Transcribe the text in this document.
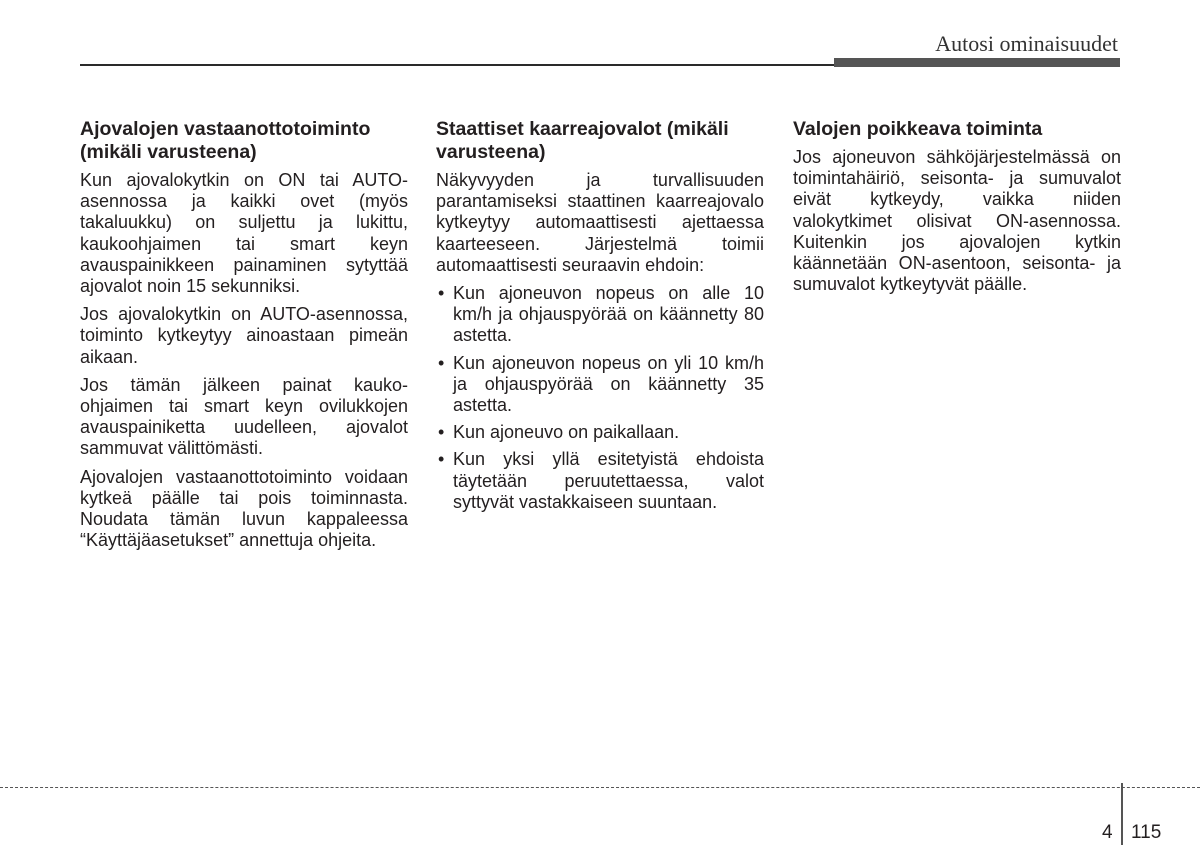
Autosi ominaisuudet
Ajovalojen vastaanottotoiminto (mikäli varusteena)

Kun ajovalokytkin on ON tai AUTO-asennossa ja kaikki ovet (myös takaluukku) on suljettu ja lukittu, kaukoohjaimen tai smart keyn avauspainikkeen painaminen sytyttää ajovalot noin 15 sekunniksi.

Jos ajovalokytkin on AUTO-asennossa, toiminto kytkeytyy ainoastaan pimeän aikaan.

Jos tämän jälkeen painat kauko-ohjaimen tai smart keyn ovilukkojen avauspainiketta uudelleen, ajovalot sammuvat välittömästi.

Ajovalojen vastaanottotoiminto voidaan kytkeä päälle tai pois toiminnasta. Noudata tämän luvun kappaleessa “Käyttäjäasetukset” annettuja ohjeita.

Staattiset kaarreajovalot (mikäli varusteena)

Näkyvyyden ja turvallisuuden parantamiseksi staattinen kaarreajovalo kytkeytyy automaattisesti ajettaessa kaarteeseen. Järjestelmä toimii automaattisesti seuraavin ehdoin:

• Kun ajoneuvon nopeus on alle 10 km/h ja ohjauspyörää on käännetty 80 astetta.
• Kun ajoneuvon nopeus on yli 10 km/h ja ohjauspyörää on käännetty 35 astetta.
• Kun ajoneuvo on paikallaan.
• Kun yksi yllä esitetyistä ehdoista täytetään peruutettaessa, valot syttyvät vastakkaiseen suuntaan.
Valojen poikkeava toiminta

Jos ajoneuvon sähköjärjestelmässä on toimintahäiriö, seisonta- ja sumuvalot eivät kytkeydy, vaikka niiden valokytkimet olisivat ON-asennossa. Kuitenkin jos ajovalojen kytkin käännetään ON-asentoon, seisonta- ja sumuvalot kytkeytyvät päälle.

4 115
